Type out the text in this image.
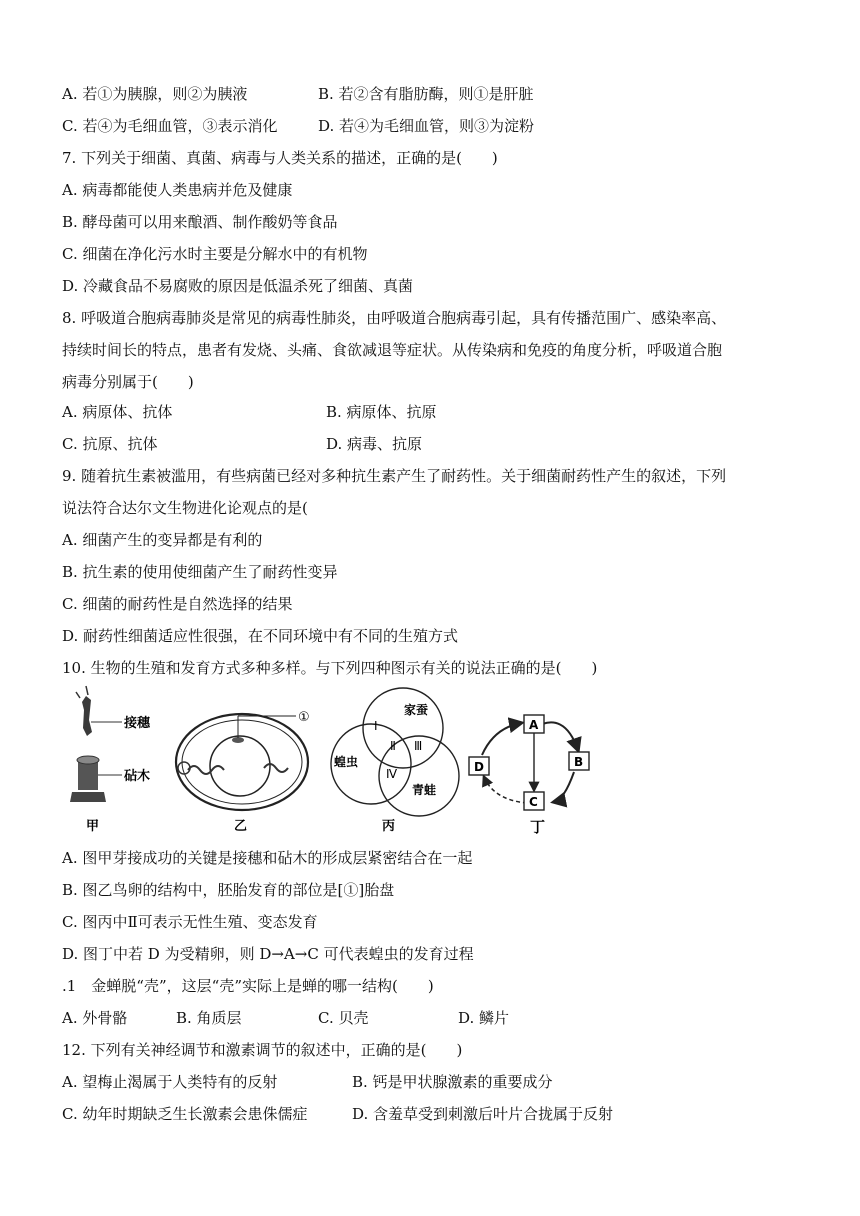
A. 若①为胰腺，则②为胰液	B. 若②含有脂肪酶，则①是肝脏
C. 若④为毛细血管，③表示消化	D. 若④为毛细血管，则③为淀粉
7. 下列关于细菌、真菌、病毒与人类关系的描述，正确的是(　　)
A. 病毒都能使人类患病并危及健康
B. 酵母菌可以用来酿酒、制作酸奶等食品
C. 细菌在净化污水时主要是分解水中的有机物
D. 冷藏食品不易腐败的原因是低温杀死了细菌、真菌
8. 呼吸道合胞病毒肺炎是常见的病毒性肺炎，由呼吸道合胞病毒引起，具有传播范围广、感染率高、
持续时间长的特点，患者有发烧、头痛、食欲减退等症状。从传染病和免疫的角度分析，呼吸道合胞
病毒分别属于(　　)
A. 病原体、抗体	B. 病原体、抗原
C. 抗原、抗体	D. 病毒、抗原
9. 随着抗生素被滥用，有些病菌已经对多种抗生素产生了耐药性。关于细菌耐药性产生的叙述，下列
说法符合达尔文生物进化论观点的是(
A. 细菌产生的变异都是有利的
B. 抗生素的使用使细菌产生了耐药性变异
C. 细菌的耐药性是自然选择的结果
D. 耐药性细菌适应性很强，在不同环境中有不同的生殖方式
10. 生物的生殖和发育方式多种多样。与下列四种图示有关的说法正确的是(　　)
接穗
砧木
甲
①
乙
家蚕
蝗虫
青蛙
Ⅰ
Ⅱ Ⅲ
Ⅳ
丙
A
B
C
D
丁
A. 图甲芽接成功的关键是接穗和砧木的形成层紧密结合在一起
B. 图乙鸟卵的结构中，胚胎发育的部位是[①]胎盘
C. 图丙中Ⅱ可表示无性生殖、变态发育
D. 图丁中若 D 为受精卵，则 D→A→C 可代表蝗虫的发育过程
.1　金蝉脱“壳”，这层“壳”实际上是蝉的哪一结构(　　)
A. 外骨骼	B. 角质层	C. 贝壳	D. 鳞片
12. 下列有关神经调节和激素调节的叙述中，正确的是(　　)
A. 望梅止渴属于人类特有的反射	B. 钙是甲状腺激素的重要成分
C. 幼年时期缺乏生长激素会患侏儒症	D. 含羞草受到刺激后叶片合拢属于反射
